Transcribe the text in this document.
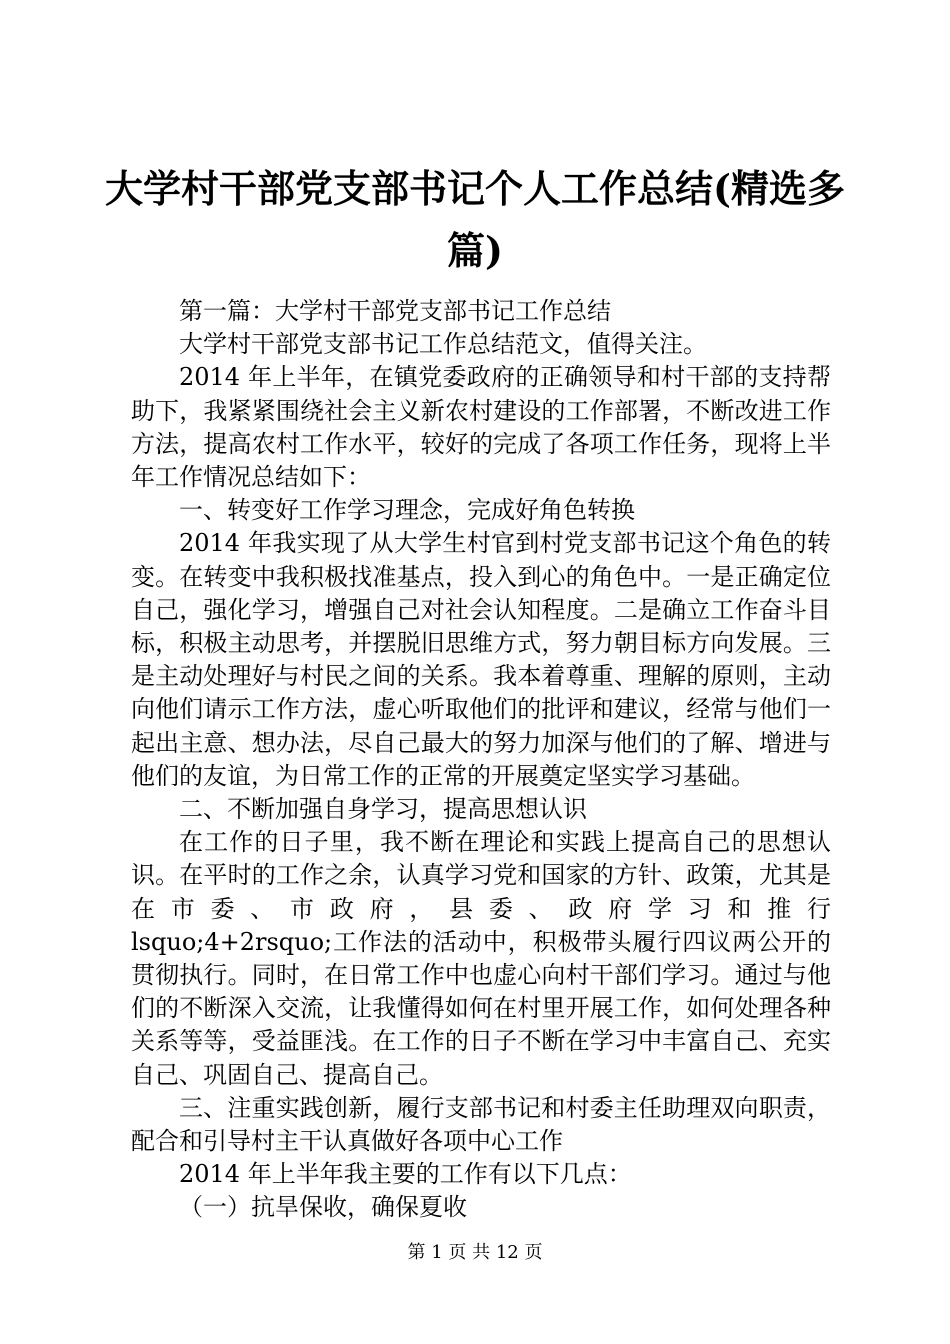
大学村干部党支部书记个人工作总结(精选多
篇)

第一篇：大学村干部党支部书记工作总结

大学村干部党支部书记工作总结范文，值得关注。

2014 年上半年，在镇党委政府的正确领导和村干部的支持帮助下，我紧紧围绕社会主义新农村建设的工作部署，不断改进工作方法，提高农村工作水平，较好的完成了各项工作任务，现将上半年工作情况总结如下：

一、转变好工作学习理念，完成好角色转换

2014 年我实现了从大学生村官到村党支部书记这个角色的转变。在转变中我积极找准基点，投入到心的角色中。一是正确定位自己，强化学习，增强自己对社会认知程度。二是确立工作奋斗目标，积极主动思考，并摆脱旧思维方式，努力朝目标方向发展。三是主动处理好与村民之间的关系。我本着尊重、理解的原则，主动向他们请示工作方法，虚心听取他们的批评和建议，经常与他们一起出主意、想办法，尽自己最大的努力加深与他们的了解、增进与他们的友谊，为日常工作的正常的开展奠定坚实学习基础。

二、不断加强自身学习，提高思想认识

在工作的日子里，我不断在理论和实践上提高自己的思想认识。在平时的工作之余，认真学习党和国家的方针、政策，尤其是在市委、市政府，县委、政府学习和推行

lsquo;4+2rsquo;工作法的活动中，积极带头履行四议两公开的贯彻执行。同时，在日常工作中也虚心向村干部们学习。通过与他们的不断深入交流，让我懂得如何在村里开展工作，如何处理各种关系等等，受益匪浅。在工作的日子不断在学习中丰富自己、充实自己、巩固自己、提高自己。

三、注重实践创新，履行支部书记和村委主任助理双向职责，配合和引导村主干认真做好各项中心工作

2014 年上半年我主要的工作有以下几点：

（一）抗旱保收，确保夏收

第 1 页 共 12 页
